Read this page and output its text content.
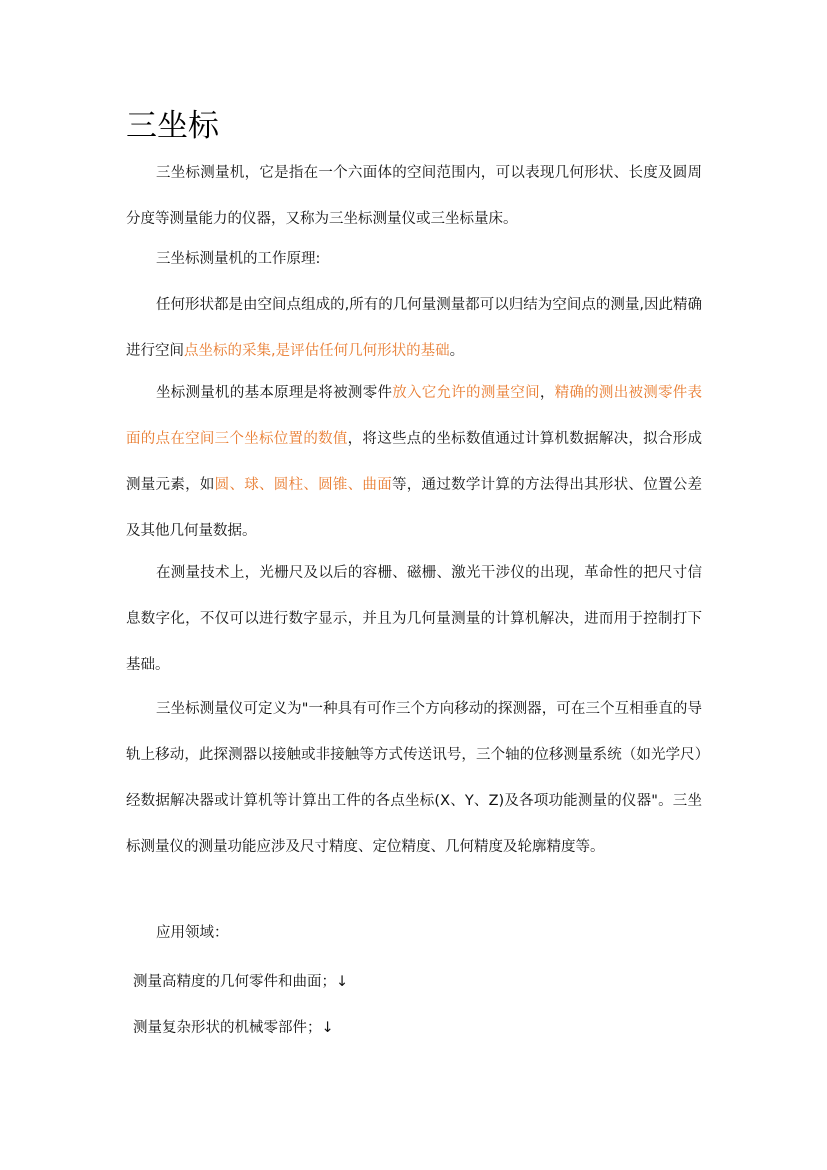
三坐标

三坐标测量机，它是指在一个六面体的空间范围内，可以表现几何形状、长度及圆周分度等测量能力的仪器，又称为三坐标测量仪或三坐标量床。

三坐标测量机的工作原理:

任何形状都是由空间点组成的,所有的几何量测量都可以归结为空间点的测量,因此精确进行空间点坐标的采集,是评估任何几何形状的基础。

坐标测量机的基本原理是将被测零件放入它允许的测量空间，精确的测出被测零件表面的点在空间三个坐标位置的数值，将这些点的坐标数值通过计算机数据解决，拟合形成测量元素，如圆、球、圆柱、圆锥、曲面等，通过数学计算的方法得出其形状、位置公差及其他几何量数据。

在测量技术上，光栅尺及以后的容栅、磁栅、激光干涉仪的出现，革命性的把尺寸信息数字化，不仅可以进行数字显示，并且为几何量测量的计算机解决，进而用于控制打下基础。

三坐标测量仪可定义为"一种具有可作三个方向移动的探测器，可在三个互相垂直的导轨上移动，此探测器以接触或非接触等方式传送讯号，三个轴的位移测量系统（如光学尺）经数据解决器或计算机等计算出工件的各点坐标(X、Y、Z)及各项功能测量的仪器"。三坐标测量仪的测量功能应涉及尺寸精度、定位精度、几何精度及轮廓精度等。

应用领域：

测量高精度的几何零件和曲面；↓
测量复杂形状的机械零部件；↓
